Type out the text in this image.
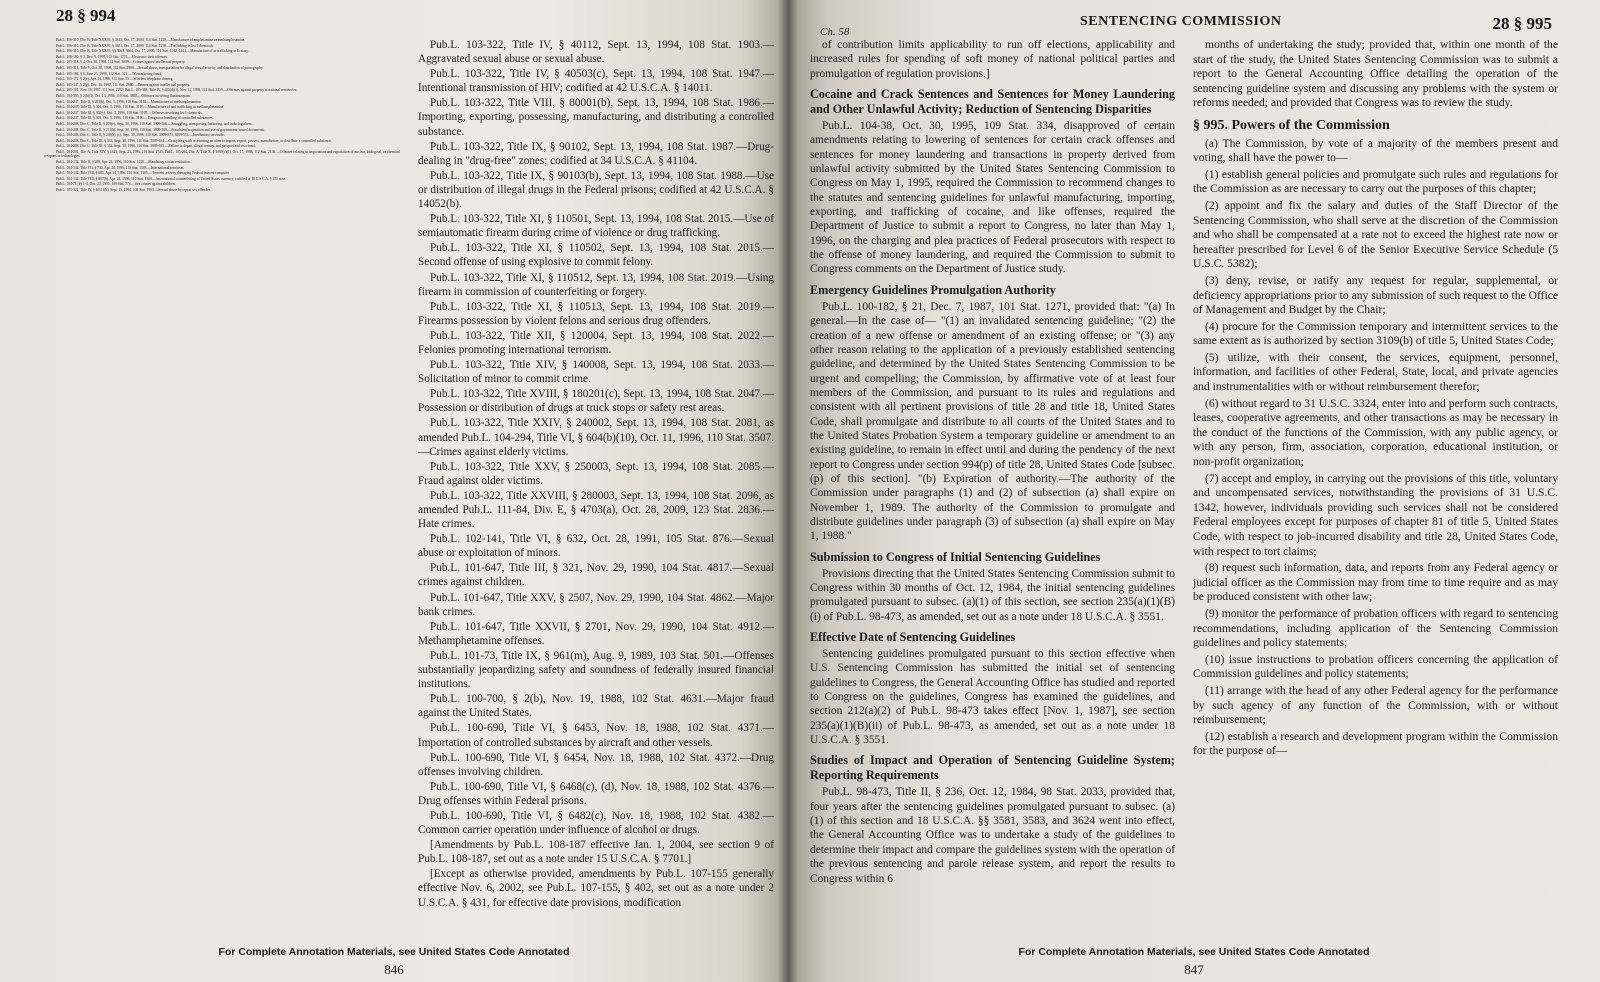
28 § 994

Pub.L. 106-310, Div. B, Title XXXVI, § 3612, Oct. 17, 2000, 114 Stat. 1228.—Manufacture of amphetamine or methamphetamine.

Pub.L. 106-310, Div. B, Title XXXVI, § 3651, Oct. 17, 2000, 114 Stat. 1238.—Trafficking in list I chemicals.

Pub.L. 106-310, Div. B, Title XXXVI, §§ 3663, 3664, Oct. 17, 2000, 114 Stat. 1242, 1244.—Manufacture of or trafficking in Ecstasy.

Pub.L. 106-160, § 3, Dec. 9, 1999, 113 Stat. 1774.—Electronic theft offenses.

Pub.L. 105-318, § 4, Oct. 30, 1998, 112 Stat. 3009.—Crimes against intellectual property.

Pub.L. 105-314, Title V, Oct. 30, 1998, 112 Stat. 2980.—Sexual abuse, transportation for illegal sexual activity, and distribution of pornography.

Pub.L. 105-184, § 6, June 23, 1998, 112 Stat. 521.—Telemarketing fraud.

Pub.L. 105-172, § 2(e), Apr. 24, 1998, 112 Stat. 55.—Wireless telephone cloning.

Pub.L. 105-147, § 2(g), Dec. 16, 1997, 111 Stat. 2680.—Crimes against intellectual property.

Pub.L. 105-101, Nov. 19, 1997, 111 Stat. 2202; Pub.L. 105-368, Title IV, § 403(d)(1), Nov. 11, 1998, 112 Stat. 3339.—Offenses against property at national cemeteries.

Pub.L. 104-305, § 2(b)(3), Oct. 13, 1996, 110 Stat. 3808.—Offenses involving flunitrazepam.

Pub.L. 104-237, Title II, § 203(b), Oct. 3, 1996, 110 Stat. 3102.—Manufacture of methamphetamine.

Pub.L. 104-237, Title III, § 301, Oct. 3, 1996, 110 Stat. 3105.—Manufacture of and trafficking in methamphetamine.

Pub.L. 104-237, Title III, § 302(c), Oct. 3, 1996, 110 Stat. 3105.—Offenses involving list I chemicals.

Pub.L. 104-237, Title III, § 303, Oct. 3, 1996, 110 Stat. 3106.—Dangerous handling of controlled substances.

Pub.L. 104-208, Div. C, Title II, § 203(e), Sept. 30, 1996, 110 Stat. 3009-566.—Smuggling, transporting, harboring, and inducing aliens.

Pub.L. 104-208, Div. C, Title II, § 211(b), Sept. 30, 1996, 110 Stat. 3009-569.—Fraudulent acquisition and use of government-issued documents.

Pub.L. 104-208, Div. C, Title II, § 218(b), (c), Sept. 30, 1996, 110 Stat. 3009-573, 3009-574.—Involuntary servitude.

Pub.L. 104-208, Div. C, Title III, § 333, Sept. 30, 1996, 110 Stat. 3009-634.—Conspiring with or assisting an alien to import, export, possess, manufacture, or distribute a controlled substance.

Pub.L. 104-208, Div. C, Title III, § 334, Sept. 30, 1996, 110 Stat. 3009-635.—Failure to depart, illegal reentry, and passport and visa fraud.

Pub.L. 104-201, Div. A, Title XIV, § 1423, Sept. 23, 1996, 110 Stat. 2725; Pub.L. 105-261, Div. A, Title X, § 1069(c)(1), Oct. 17, 1998, 112 Stat. 2136.—Offenses relating to importation and exportation of nuclear, biological, or chemical weapons or technologies.

Pub.L. 104-132, Title II, § 208, Apr. 24, 1996, 110 Stat. 1240.—Mandatory victim restitution.

Pub.L. 104-132, Title VII, § 730, Apr. 24, 1996, 110 Stat. 1303.—International terrorism.

Pub.L. 104-132, Title VIII, § 805, Apr. 24, 1996, 110 Stat. 1305.—Terrorist activity damaging Federal interest computer.

Pub.L. 104-132, Title VIII, § 807(h), Apr. 24, 1996, 110 Stat. 1308.—International counterfeiting of United States currency; codified at 18 U.S.C.A. § 470 note.

Pub.L. 104-71, §§ 1-4, Dec. 23, 1995, 109 Stat. 774.—Sex crimes against children.

Pub.L. 103-322, Title IV, § 40111(b), Sept. 13, 1994, 108 Stat. 1903.—Sexual abuse by repeat sex offender.

Pub.L. 103-322, Title IV, § 40112, Sept. 13, 1994, 108 Stat. 1903.—Aggravated sexual abuse or sexual abuse.

Pub.L. 103-322, Title IV, § 40503(c), Sept. 13, 1994, 108 Stat. 1947.—Intentional transmission of HIV; codified at 42 U.S.C.A. § 14011.

Pub.L. 103-322, Title VIII, § 80001(b), Sept. 13, 1994, 108 Stat. 1986.—Importing, exporting, possessing, manufacturing, and distributing a controlled substance.

Pub.L. 103-322, Title IX, § 90102, Sept. 13, 1994, 108 Stat. 1987.—Drug-dealing in "drug-free" zones; codified at 34 U.S.C.A. § 41104.

Pub.L. 103-322, Title IX, § 90103(b), Sept. 13, 1994, 108 Stat. 1988.—Use or distribution of illegal drugs in the Federal prisons; codified at 42 U.S.C.A. § 14052(b).

Pub.L. 103-322, Title XI, § 110501, Sept. 13, 1994, 108 Stat. 2015.—Use of semiautomatic firearm during crime of violence or drug trafficking.

Pub.L. 103-322, Title XI, § 110502, Sept. 13, 1994, 108 Stat. 2015.—Second offense of using explosive to commit felony.

Pub.L. 103-322, Title XI, § 110512, Sept. 13, 1994, 108 Stat. 2019.—Using firearm in commission of counterfeiting or forgery.

Pub.L. 103-322, Title XI, § 110513, Sept. 13, 1994, 108 Stat. 2019.—Firearms possession by violent felons and serious drug offenders.

Pub.L. 103-322, Title XII, § 120004, Sept. 13, 1994, 108 Stat. 2022.—Felonies promoting international terrorism.

Pub.L. 103-322, Title XIV, § 140008, Sept. 13, 1994, 108 Stat. 2033.—Solicitation of minor to commit crime.

Pub.L. 103-322, Title XVIII, § 180201(c), Sept. 13, 1994, 108 Stat. 2047.—Possession or distribution of drugs at truck stops or safety rest areas.

Pub.L. 103-322, Title XXIV, § 240002, Sept. 13, 1994, 108 Stat. 2081, as amended Pub.L. 104-294, Title VI, § 604(b)(10), Oct. 11, 1996, 110 Stat. 3507.—Crimes against elderly victims.

Pub.L. 103-322, Title XXV, § 250003, Sept. 13, 1994, 108 Stat. 2085.—Fraud against older victims.

Pub.L. 103-322, Title XXVIII, § 280003, Sept. 13, 1994, 108 Stat. 2096, as amended Pub.L. 111-84, Div. E, § 4703(a), Oct. 28, 2009, 123 Stat. 2836.—Hate crimes.

Pub.L. 102-141, Title VI, § 632, Oct. 28, 1991, 105 Stat. 876.—Sexual abuse or exploitation of minors.

Pub.L. 101-647, Title III, § 321, Nov. 29, 1990, 104 Stat. 4817.—Sexual crimes against children.

Pub.L. 101-647, Title XXV, § 2507, Nov. 29, 1990, 104 Stat. 4862.—Major bank crimes.

Pub.L. 101-647, Title XXVII, § 2701, Nov. 29, 1990, 104 Stat. 4912.—Methamphetamine offenses.

Pub.L. 101-73, Title IX, § 961(m), Aug. 9, 1989, 103 Stat. 501.—Offenses substantially jeopardizing safety and soundness of federally insured financial institutions.

Pub.L. 100-700, § 2(b), Nov. 19, 1988, 102 Stat. 4631.—Major fraud against the United States.

Pub.L. 100-690, Title VI, § 6453, Nov. 18, 1988, 102 Stat. 4371.—Importation of controlled substances by aircraft and other vessels.

Pub.L. 100-690, Title VI, § 6454, Nov. 18, 1988, 102 Stat. 4372.—Drug offenses involving children.

Pub.L. 100-690, Title VI, § 6468(c), (d), Nov. 18, 1988, 102 Stat. 4376.—Drug offenses within Federal prisons.

Pub.L. 100-690, Title VI, § 6482(c), Nov. 18, 1988, 102 Stat. 4382.—Common carrier operation under influence of alcohol or drugs.

[Amendments by Pub.L. 108-187 effective Jan. 1, 2004, see section 9 of Pub.L. 108-187, set out as a note under 15 U.S.C.A. § 7701.]

[Except as otherwise provided, amendments by Pub.L. 107-155 generally effective Nov. 6, 2002, see Pub.L. 107-155, § 402, set out as a note under 2 U.S.C.A. § 431, for effective date provisions, modification

For Complete Annotation Materials, see United States Code Annotated
846
Ch. 58
SENTENCING COMMISSION	28 § 995

of contribution limits applicability to run off elections, applicability and increased rules for spending of soft money of national political parties and promulgation of regulation provisions.]

Cocaine and Crack Sentences and Sentences for Money Laundering and Other Unlawful Activity; Reduction of Sentencing Disparities

Pub.L. 104-38, Oct. 30, 1995, 109 Stat. 334, disapproved of certain amendments relating to lowering of sentences for certain crack offenses and sentences for money laundering and transactions in property derived from unlawful activity submitted by the United States Sentencing Commission to Congress on May 1, 1995, required the Commission to recommend changes to the statutes and sentencing guidelines for unlawful manufacturing, importing, exporting, and trafficking of cocaine, and like offenses, required the Department of Justice to submit a report to Congress, no later than May 1, 1996, on the charging and plea practices of Federal prosecutors with respect to the offense of money laundering, and required the Commission to submit to Congress comments on the Department of Justice study.

Emergency Guidelines Promulgation Authority

Pub.L. 100-182, § 21, Dec. 7, 1987, 101 Stat. 1271, provided that: "(a) In general.—In the case of— "(1) an invalidated sentencing guideline; "(2) the creation of a new offense or amendment of an existing offense; or "(3) any other reason relating to the application of a previously established sentencing guideline, and determined by the United States Sentencing Commission to be urgent and compelling; the Commission, by affirmative vote of at least four members of the Commission, and pursuant to its rules and regulations and consistent with all pertinent provisions of title 28 and title 18, United States Code, shall promulgate and distribute to all courts of the United States and to the United States Probation System a temporary guideline or amendment to an existing guideline, to remain in effect until and during the pendency of the next report to Congress under section 994(p) of title 28, United States Code [subsec. (p) of this section]. "(b) Expiration of authority.—The authority of the Commission under paragraphs (1) and (2) of subsection (a) shall expire on November 1, 1989. The authority of the Commission to promulgate and distribute guidelines under paragraph (3) of subsection (a) shall expire on May 1, 1988."

Submission to Congress of Initial Sentencing Guidelines

Provisions directing that the United States Sentencing Commission submit to Congress within 30 months of Oct. 12, 1984, the initial sentencing guidelines promulgated pursuant to subsec. (a)(1) of this section, see section 235(a)(1)(B)(i) of Pub.L. 98-473, as amended, set out as a note under 18 U.S.C.A. § 3551.

Effective Date of Sentencing Guidelines

Sentencing guidelines promulgated pursuant to this section effective when U.S. Sentencing Commission has submitted the initial set of sentencing guidelines to Congress, the General Accounting Office has studied and reported to Congress on the guidelines, Congress has examined the guidelines, and section 212(a)(2) of Pub.L. 98-473 takes effect [Nov. 1, 1987], see section 235(a)(1)(B)(ii) of Pub.L. 98-473, as amended, set out as a note under 18 U.S.C.A. § 3551.

Studies of Impact and Operation of Sentencing Guideline System; Reporting Requirements

Pub.L. 98-473, Title II, § 236, Oct. 12, 1984, 98 Stat. 2033, provided that, four years after the sentencing guidelines promulgated pursuant to subsec. (a)(1) of this section and 18 U.S.C.A. §§ 3581, 3583, and 3624 went into effect, the General Accounting Office was to undertake a study of the guidelines to determine their impact and compare the guidelines system with the operation of the previous sentencing and parole release system, and report the results to Congress within 6

months of undertaking the study; provided that, within one month of the start of the study, the United States Sentencing Commission was to submit a report to the General Accounting Office detailing the operation of the sentencing guideline system and discussing any problems with the system or reforms needed; and provided that Congress was to review the study.

§ 995. Powers of the Commission

(a) The Commission, by vote of a majority of the members present and voting, shall have the power to—

(1) establish general policies and promulgate such rules and regulations for the Commission as are necessary to carry out the purposes of this chapter;

(2) appoint and fix the salary and duties of the Staff Director of the Sentencing Commission, who shall serve at the discretion of the Commission and who shall be compensated at a rate not to exceed the highest rate now or hereafter prescribed for Level 6 of the Senior Executive Service Schedule (5 U.S.C. 5382);

(3) deny, revise, or ratify any request for regular, supplemental, or deficiency appropriations prior to any submission of such request to the Office of Management and Budget by the Chair;

(4) procure for the Commission temporary and intermittent services to the same extent as is authorized by section 3109(b) of title 5, United States Code;

(5) utilize, with their consent, the services, equipment, personnel, information, and facilities of other Federal, State, local, and private agencies and instrumentalities with or without reimbursement therefor;

(6) without regard to 31 U.S.C. 3324, enter into and perform such contracts, leases, cooperative agreements, and other transactions as may be necessary in the conduct of the functions of the Commission, with any public agency, or with any person, firm, association, corporation, educational institution, or non-profit organization;

(7) accept and employ, in carrying out the provisions of this title, voluntary and uncompensated services, notwithstanding the provisions of 31 U.S.C. 1342, however, individuals providing such services shall not be considered Federal employees except for purposes of chapter 81 of title 5, United States Code, with respect to job-incurred disability and title 28, United States Code, with respect to tort claims;

(8) request such information, data, and reports from any Federal agency or judicial officer as the Commission may from time to time require and as may be produced consistent with other law;

(9) monitor the performance of probation officers with regard to sentencing recommendations, including application of the Sentencing Commission guidelines and policy statements;

(10) issue instructions to probation officers concerning the application of Commission guidelines and policy statements;

(11) arrange with the head of any other Federal agency for the performance by such agency of any function of the Commission, with or without reimbursement;

(12) establish a research and development program within the Commission for the purpose of—

For Complete Annotation Materials, see United States Code Annotated
847
